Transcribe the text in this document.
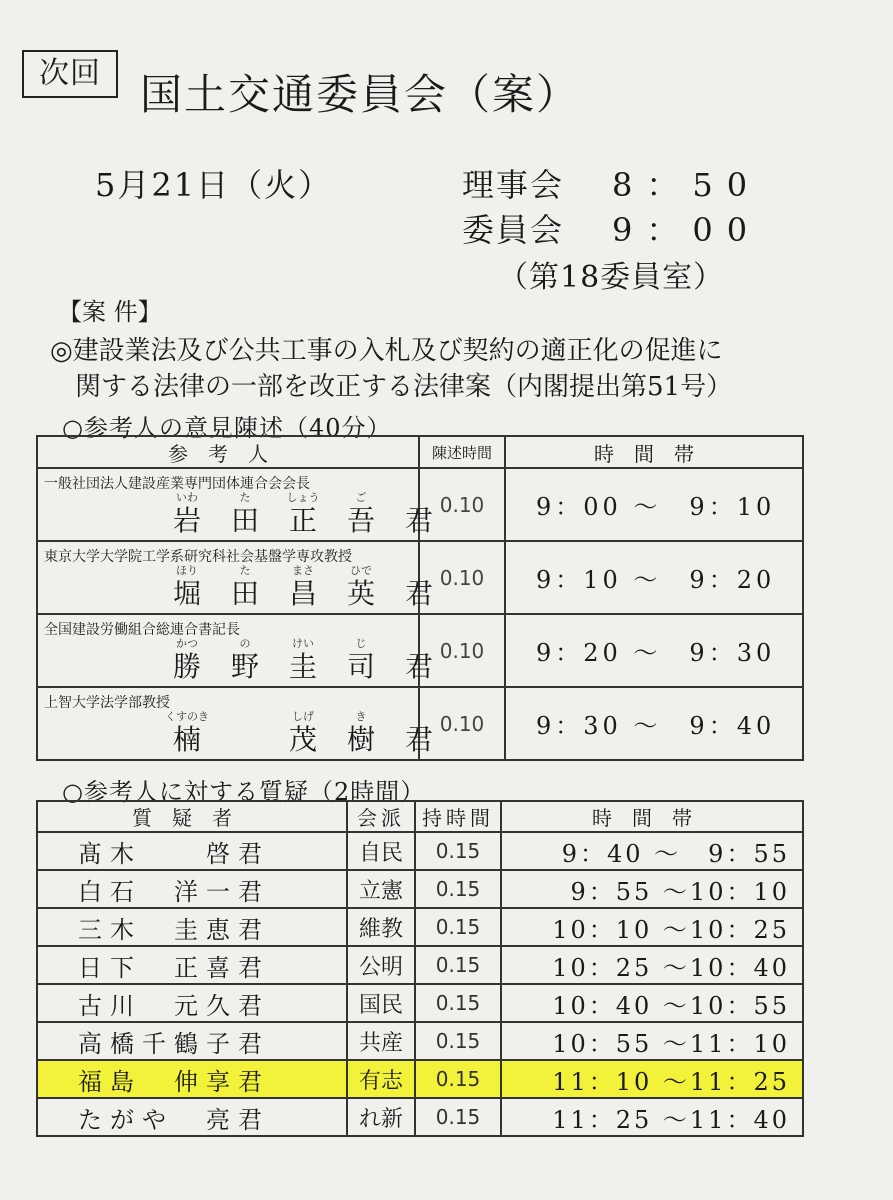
次回 国土交通委員会（案）
5月21日（火）	理事会 8：50
委員会 9：00
（第18委員室）
【案 件】
◎建設業法及び公共工事の入札及び契約の適正化の促進に
関する法律の一部を改正する法律案（内閣提出第51号）
○参考人の意見陳述（40分）
参考人	陳述時間	時間帯

一般社団法人建設産業専門団体連合会会長
いわ た しょう ご
岩 田 正 吾 君	0.10	9：00 ～　9：10

東京大学大学院工学系研究科社会基盤学専攻教授
ほり た まさ ひで
堀 田 昌 英 君	0.10	9：10 ～　9：20

全国建設労働組合総連合書記長
かつ の けい じ
勝 野 圭 司 君	0.10	9：20 ～　9：30

上智大学法学部教授
くすのき しげ き
楠 茂 樹 君	0.10	9：30 ～　9：40
○参考人に対する質疑（2時間）
質疑者	会派	持時間	時間帯
髙木　　啓君	自民	0.15	9：40 ～　9：55
白石　洋一君	立憲	0.15	9：55 ～10：10
三木　圭恵君	維教	0.15	10：10 ～10：25
日下　正喜君	公明	0.15	10：25 ～10：40
古川　元久君	国民	0.15	10：40 ～10：55
高橋千鶴子君	共産	0.15	10：55 ～11：10
福島　伸享君	有志	0.15	11：10 ～11：25
たがや　亮君	れ新	0.15	11：25 ～11：40
